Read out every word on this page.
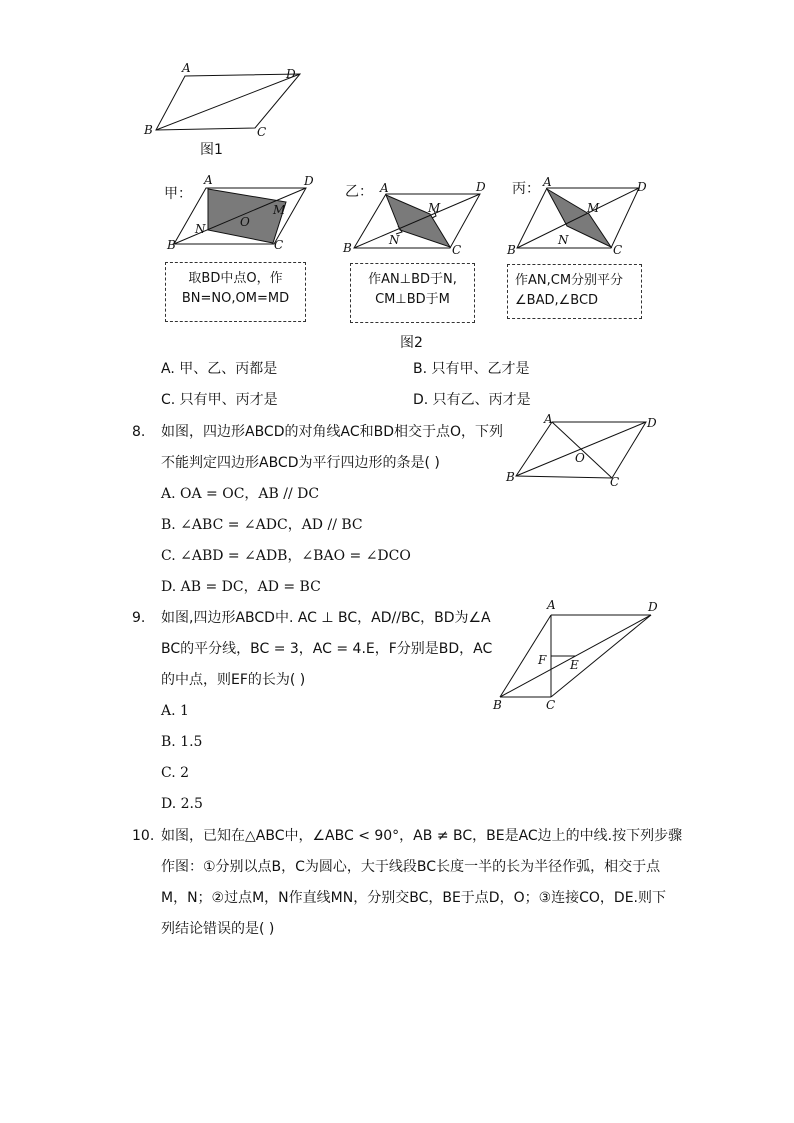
A	D
B	C
图1
甲：
A	D
B	C
M
N	O
取BD中点O，作
BN=NO,OM=MD
乙： A	D
B	C
M
N
作AN⊥BD于N,
CM⊥BD于M
丙： A	D
B	C
M
N
作AN,CM分别平分
∠BAD,∠BCD
图2
A. 甲、乙、丙都是	B. 只有甲、乙才是
C. 只有甲、丙才是	D. 只有乙、丙才是
8. 如图，四边形ABCD的对角线AC和BD相交于点O，下列
不能判定四边形ABCD为平行四边形的条是( )
A. OA = OC，AB // DC
B. ∠ABC = ∠ADC，AD // BC
C. ∠ABD = ∠ADB，∠BAO = ∠DCO
D. AB = DC，AD = BC
A	D
B	C
O
9. 如图,四边形ABCD中. AC ⊥ BC，AD//BC，BD为∠A
BC的平分线，BC = 3，AC = 4.E，F分别是BD，AC
的中点，则EF的长为( )
A. 1
B. 1.5
C. 2
D. 2.5
A	D
B	C
F E
10. 如图，已知在△ABC中，∠ABC < 90°，AB ≠ BC，BE是AC边上的中线.按下列步骤
作图：①分别以点B，C为圆心，大于线段BC长度一半的长为半径作弧，相交于点
M，N；②过点M，N作直线MN，分别交BC，BE于点D，O；③连接CO，DE.则下
列结论错误的是( )
